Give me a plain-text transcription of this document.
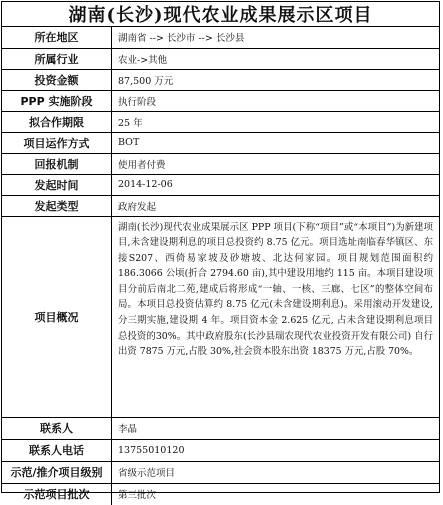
湖南(长沙)现代农业成果展示区项目
所在地区	湖南省 --> 长沙市 --> 长沙县
所属行业	农业->其他
投资金额	87,500 万元
PPP 实施阶段	执行阶段
拟合作期限	25 年
项目运作方式	BOT
回报机制	使用者付费
发起时间	2014-12-06
发起类型	政府发起
项目概况	湖南(长沙)现代农业成果展示区 PPP 项目(下称“项目”或“本项目”)为新建项目,未含建设期利息的项目总投资约 8.75 亿元。项目选址南临春华镇区、东接S207、西倚易家坡及砂塘坡、北达何家园。项目规划范围面积约 186.3066 公顷(折合 2794.60 亩),其中建设用地约 115 亩。本项目建设项目分前后南北二苑,建成后将形成“一轴、一核、三廊、七区”的整体空间布局。本项目总投资估算约 8.75 亿元(未含建设期利息)。采用滚动开发建设,分三期实施,建设期 4 年。项目资本金 2.625 亿元, 占未含建设期利息项目总投资的30%。其中政府股东(长沙县瑞农现代农业投资开发有限公司) 自行出资 7875 万元,占股 30%,社会资本股东出资 18375 万元,占股 70%。
联系人	李晶
联系人电话	13755010120
示范/推介项目级别	省级示范项目
示范项目批次	第三批次
